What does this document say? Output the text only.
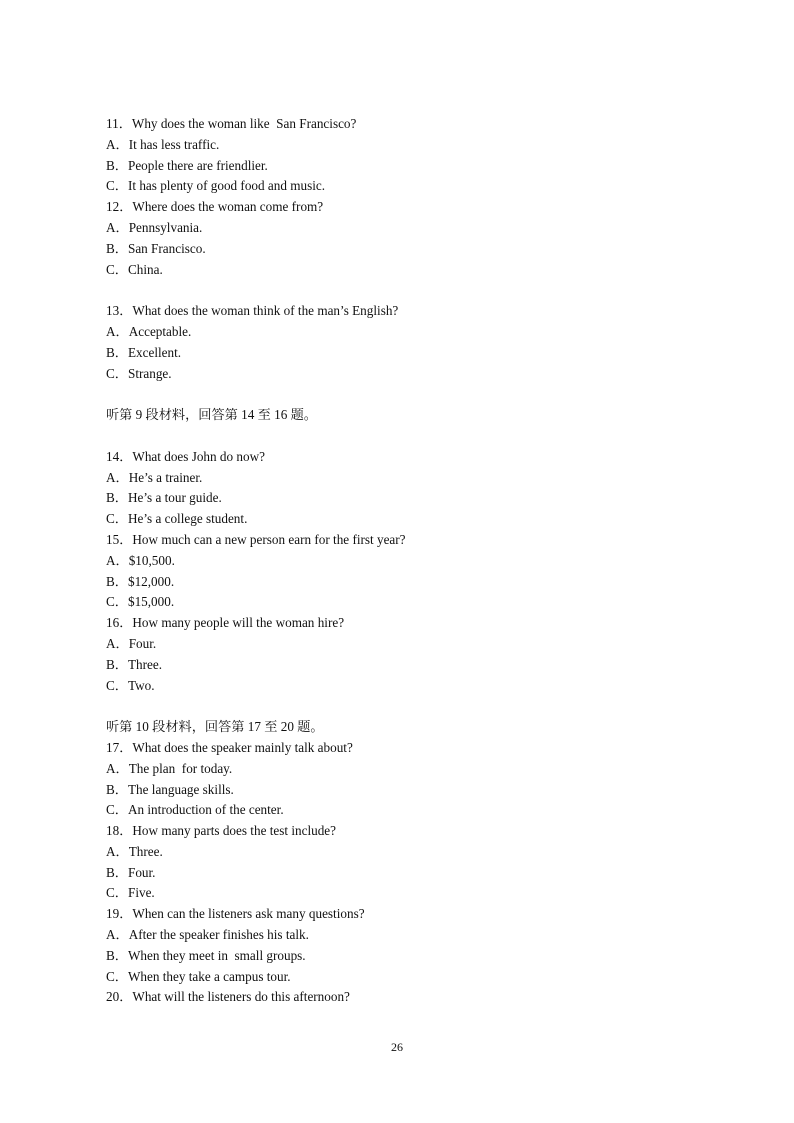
11．Why does the woman like  San Francisco?
A．It has less traffic.
B．People there are friendlier.
C．It has plenty of good food and music.
12．Where does the woman come from?
A．Pennsylvania.
B．San Francisco.
C．China.
13．What does the woman think of the man’s English?
A．Acceptable.
B．Excellent.
C．Strange.
听第 9 段材料，回答第 14 至 16 题。
14．What does John do now?
A．He’s a trainer.
B．He’s a tour guide.
C．He’s a college student.
15．How much can a new person earn for the first year?
A．$10,500.
B．$12,000.
C．$15,000.
16．How many people will the woman hire?
A．Four.
B．Three.
C．Two.
听第 10 段材料，回答第 17 至 20 题。
17．What does the speaker mainly talk about?
A．The plan  for today.
B．The language skills.
C．An introduction of the center.
18．How many parts does the test include?
A．Three.
B．Four.
C．Five.
19．When can the listeners ask many questions?
A．After the speaker finishes his talk.
B．When they meet in  small groups.
C．When they take a campus tour.
20．What will the listeners do this afternoon?
26
